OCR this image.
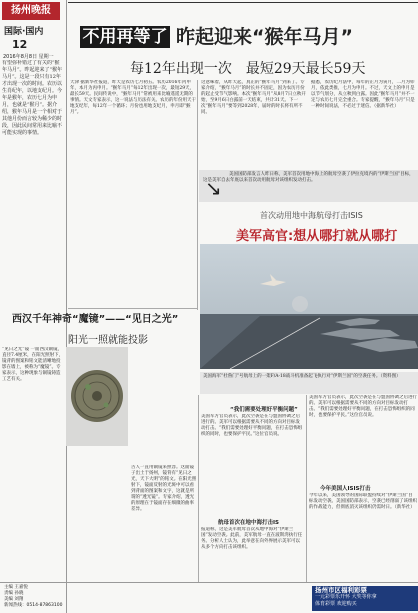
扬州晚报
国际·国内
12
2016年8月8日 星期一
有望弥补错过了有关的“猴年马月”。昨起迎来了“猴年马月”。这是一段只有12年才出现一次的时间。农历以生肖纪年，以地支纪月。今年是猴年，农历七月为申月，也就是“猴月”。据介绍，猴年马月是一个相对于其他月份而言较为稀少的时段，因此民间常用来比喻不可能实现的事情。
不用再等了 昨起迎来“猴年马月”
每12年出现一次　最短29天最长59天
天津 据新华社报道，昨天是农历七月初五。农历2016年丙申年，本月为丙申月。“猴年马月”每12年出现一次，最短29天，最长59天。民间传说中，“猴年马月”常被用来比喻遥遥无期的事情。天文专家表示，这一说法与历法有关。农历的年份用天干地支纪年，每12年一个循环；月份也用地支纪月，申月即“猴月”。
这意味着，从昨天起，真正的“猴年马月”到来了。专家介绍，“猴年马月”的时长并不固定，因为农历月份的起止受节气影响。本次“猴年马月”从8月7日立秋开始，至9月6日白露前一天结束，共计31天。下一次“猴年马月”要等到2028年，届时的时长将有所不同。
据悉，农历纪月法中，每年的正月为寅月，二月为卯月，依此类推，七月为申月。不过，天文上的申月是以节气划分，从立秋到白露。因此“猴年马月”并不一定与农历七月完全重合。专家提醒，“猴年马月”只是一种时间说法，不必过于迷信。（据新华社）
美国国防部发言人昨日称，美军首次用地中海上的航母空袭了伊拉克境内的“伊斯兰国”目标，这是美军自去年底以来首次动用航母对该组织发动打击。
↘
首次动用地中海航母打击ISIS
美军高官:想从哪打就从哪打
美国海军“杜鲁门”号航母上的一架F/A-18战斗机准备起飞执行对“伊斯兰国”的空袭任务。（资料图）
西汉千年神奇“魔镜”——“见日之光”
阳光一照就能投影
“见日之光”镜 一面西汉铜镜，直径7.4厘米，在阳光照射下，镜背的图案和铭文能清晰地投影在墙上，被称为“魔镜”。专家表示，这种现象与铜镜铸造工艺有关。
古人一直用铜镜来照容。这面镜子出土于扬州，镜背有“见日之光，天下大明”的铭文。在阳光照射下，镜面反射的光斑中可以看到背面的图案和文字，这就是所谓的“透光镜”。专家介绍，透光的原理在于镜面存在细微的曲率差异。
“我们需要处理好平衡问题”
美国军方官员表示，此次空袭是在与盟国协调之后进行的。美军可以根据需要从不同的方向对目标发动打击。“我们需要处理好平衡问题，在打击恐怖组织的同时，也要保护平民。”这位官员说。
航母首次在地中海打击IS
报道称，这是美军航母首次从地中海对“伊斯兰国”发动空袭。此前，美军航母一直在波斯湾执行任务。分析人士认为，此举意在向外界展示美军可以从多个方向打击该组织。
美国军方官员表示，此次空袭是在与盟国协调之后进行的。美军可以根据需要从不同的方向对目标发动打击。“我们需要处理好平衡问题，在打击恐怖组织的同时，也要保护平民。”这位官员说。
今年美国人ISIS打击
今年以来，美国领导的国际联盟持续对“伊斯兰国”目标发动空袭。美国国防部表示，空袭已经削弱了该组织的作战能力，但彻底消灭该组织仍需时日。（新华社）
主编 王嘉悦
责编 孙晓
美编 刘翔
新闻热线：0514-87863100
扬州市区福利彩票
一元彩票乐开怀 大奖等你拿
体育彩票 欢迎购买
